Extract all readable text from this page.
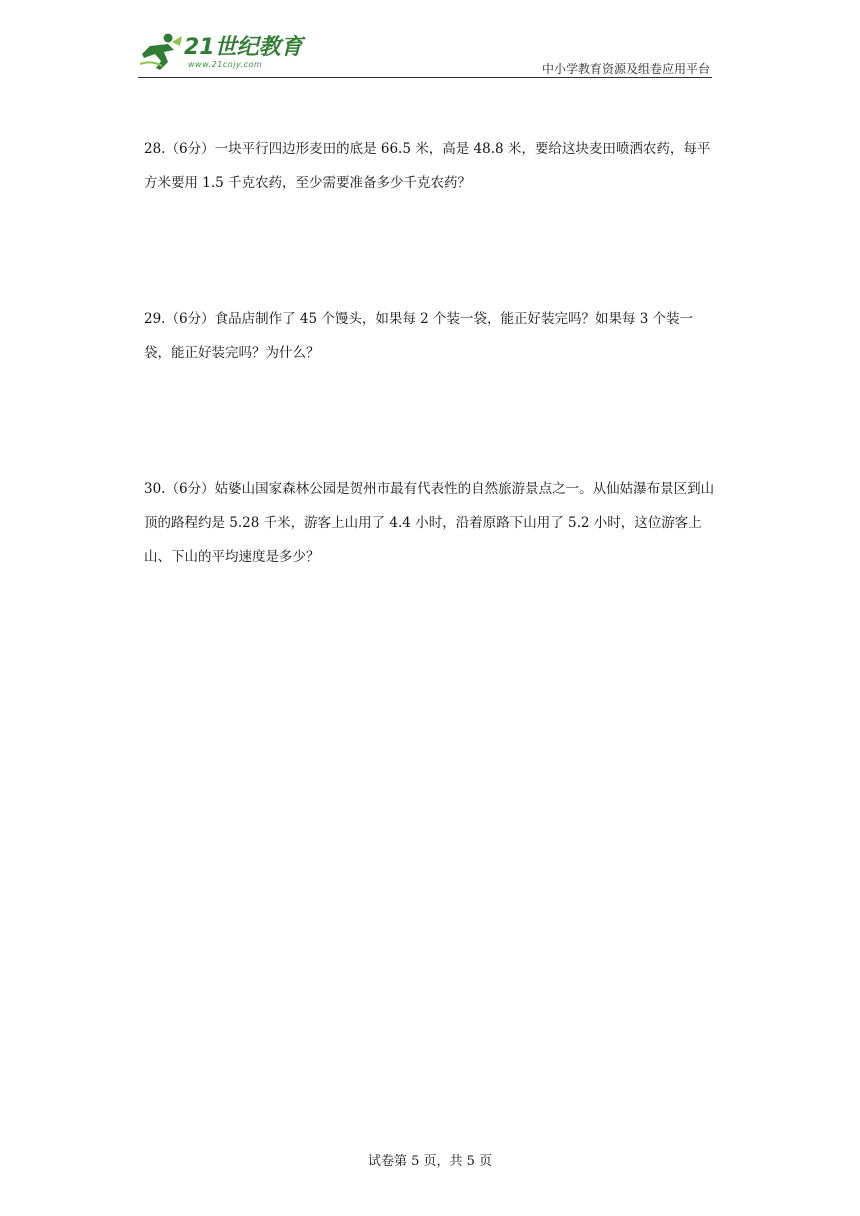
21世纪教育
www.21cnjy.com	中小学教育资源及组卷应用平台
28.（6分）一块平行四边形麦田的底是 66.5 米，高是 48.8 米，要给这块麦田喷洒农药，每平方米要用 1.5 千克农药，至少需要准备多少千克农药？
29.（6分）食品店制作了 45 个馒头，如果每 2 个装一袋，能正好装完吗？如果每 3 个装一袋，能正好装完吗？为什么？
30.（6分）姑婆山国家森林公园是贺州市最有代表性的自然旅游景点之一。从仙姑瀑布景区到山顶的路程约是 5.28 千米，游客上山用了 4.4 小时，沿着原路下山用了 5.2 小时，这位游客上山、下山的平均速度是多少？
试卷第 5 页，共 5 页
